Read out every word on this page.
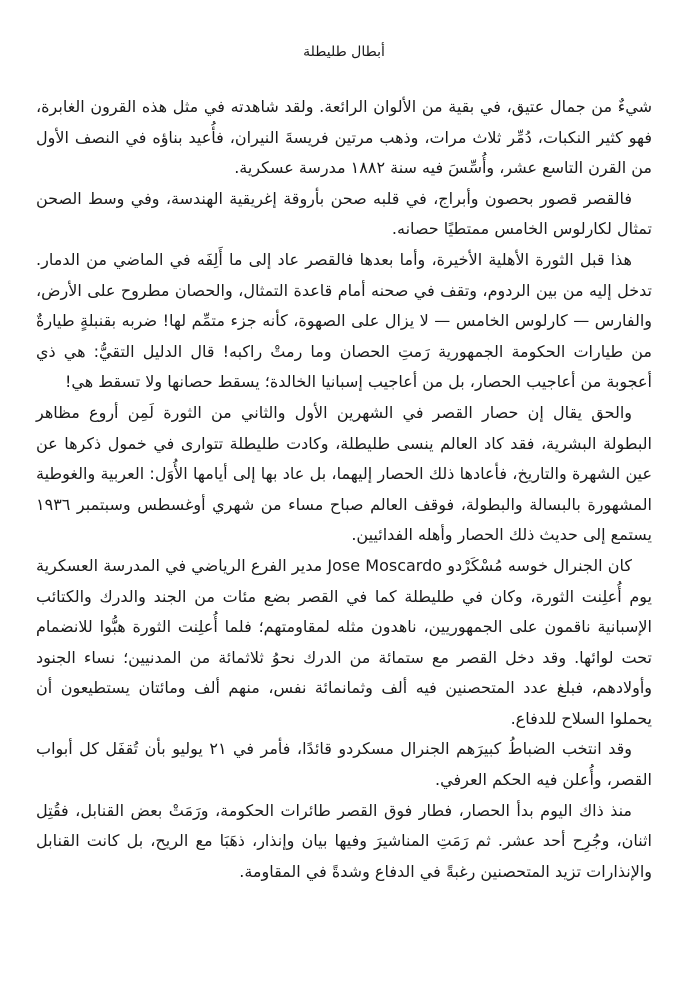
أبطال طليطلة

شيءٌ من جمال عتيق، في بقية من الألوان الرائعة. ولقد شاهدته في مثل هذه القرون الغابرة، فهو كثير النكبات، دُمِّر ثلاث مرات، وذهب مرتين فريسةَ النيران، فأُعيد بناؤه في النصف الأول من القرن التاسع عشر، وأُسِّسَ فيه سنة ١٨٨٢ مدرسة عسكرية.

فالقصر قصور بحصون وأبراج، في قلبه صحن بأروقة إغريقية الهندسة، وفي وسط الصحن تمثال لكارلوس الخامس ممتطيًا حصانه.

هذا قبل الثورة الأهلية الأخيرة، وأما بعدها فالقصر عاد إلى ما أَلِفَه في الماضي من الدمار. تدخل إليه من بين الردوم، وتقف في صحنه أمام قاعدة التمثال، والحصان مطروح على الأرض، والفارس — كارلوس الخامس — لا يزال على الصهوة، كأنه جزء متمِّم لها! ضربه بقنبلةٍ طيارةٌ من طيارات الحكومة الجمهورية رَمتِ الحصان وما رمتْ راكبه! قال الدليل التقيُّ: هي ذي أعجوبة من أعاجيب الحصار، بل من أعاجيب إسبانيا الخالدة؛ يسقط حصانها ولا تسقط هي!

والحق يقال إن حصار القصر في الشهرين الأول والثاني من الثورة لَمِن أروع مظاهر البطولة البشرية، فقد كاد العالم ينسى طليطلة، وكادت طليطلة تتوارى في خمول ذكرها عن عين الشهرة والتاريخ، فأعادها ذلك الحصار إليهما، بل عاد بها إلى أيامها الأُوَل: العربية والغوطية المشهورة بالبسالة والبطولة، فوقف العالم صباح مساء من شهري أوغسطس وسبتمبر ١٩٣٦ يستمع إلى حديث ذلك الحصار وأهله الفدائيين.

كان الجنرال خوسه مُسْكَرْدو Jose Moscardo مدير الفرع الرياضي في المدرسة العسكرية يوم أُعلِنت الثورة، وكان في طليطلة كما في القصر بضع مئات من الجند والدرك والكتائب الإسبانية ناقمون على الجمهوريين، ناهدون مثله لمقاومتهم؛ فلما أُعلِنت الثورة هبُّوا للانضمام تحت لوائها. وقد دخل القصر مع ستمائة من الدرك نحوُ ثلاثمائة من المدنيين؛ نساء الجنود وأولادهم، فبلغ عدد المتحصنين فيه ألف وثمانمائة نفس، منهم ألف ومائتان يستطيعون أن يحملوا السلاح للدفاع.

وقد انتخب الضباطُ كبيرَهم الجنرال مسكردو قائدًا، فأمر في ٢١ يوليو بأن تُقفَل كل أبواب القصر، وأُعلن فيه الحكم العرفي.

منذ ذاك اليوم بدأ الحصار، فطار فوق القصر طائرات الحكومة، ورَمَتْ بعض القنابل، فقُتِل اثنان، وجُرِح أحد عشر. ثم رَمَتِ المناشيرَ وفيها بيان وإنذار، ذهَبَا مع الريح، بل كانت القنابل والإنذارات تزيد المتحصنين رغبةً في الدفاع وشدةً في المقاومة.
